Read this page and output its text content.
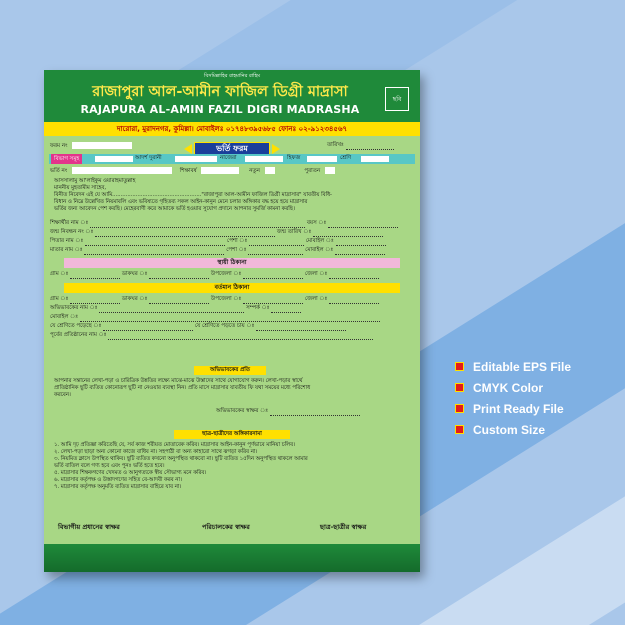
বিসমিল্লাহির রাহমানির রাহিম
রাজাপুরা আল-আমীন ফাজিল ডিগ্রী মাদ্রাসা
RAJAPURA AL-AMIN FAZIL DIGRI MADRASHA
ছবি
দারোরা, মুরাদনগর, কুমিল্লা। মোবাইলঃ ০১৭৪৮৩৯৫৬৮৫ ফোনঃ ০২-৯১২৩৪৫৬৭
ফরম নং	তারিখঃ
ভর্তি ফরম
বিভাগ সমূহ	আদর্শ দুরানী	নাজেরা	হিফজ	শ্রেণি
ভর্তি নং	শিক্ষাবর্ষ	নতুন	পুরাতন
আসসালামু আ'লাইকুম ওয়ারাহমাতুল্লাহ
মাননীয় মুহতামীম সাহেব,
বিনীত নিবেদন এই যে আমি....................................................."রাজাপুরা আল-আমীন ফাজিল ডিগ্রী মাদ্রাসার" যাবতীয় বিধি-
বিধান ও নিম্নে উল্লেখিত নিয়মাবলি এবং ভবিষ্যতে গৃহিতব্য সকল আইন-কানুন মেনে চলার অঙ্গিকার বদ্ধ হয়ে হয়ে মাদ্রাসার
ভর্তির জন্য আবেদন পেশ করছি। মেহেরবাণী করে আমাকে ভর্তি হওয়ার সুযোগ প্রদানে আপনার সুমর্জি কামনা করছি।
শিক্ষার্থীর নাম ঃ	বয়স ঃ
জন্ম নিবন্ধন নং ঃ	জন্ম তারিখ ঃ
পিতার নাম ঃ	পেশা ঃ	মোবাইল ঃ
মাতার নাম ঃ	পেশা ঃ	মোবাইল ঃ
স্থায়ী ঠিকানা
গ্রাম ঃ	ডাকঘর ঃ	উপজেলা ঃ	জেলা ঃ
বর্তমান ঠিকানা
গ্রাম ঃ	ডাকঘর ঃ	উপজেলা ঃ	জেলা ঃ
অভিভাবকের নাম ঃ	সম্পর্ক ঃ
মোবাইল ঃ
যে শ্রেণিতে পড়েছে ঃ	যে শ্রেণিতে পড়তে চায় ঃ
পূর্বের প্রতিষ্ঠানের নাম ঃ
অভিভাবকের প্রতি
আপনার সন্তানের লেখা-পড়া ও চারিত্রিক উন্নতির লক্ষ্যে মাঝে-মাঝে উস্তাদের সাথে যোগাযোগ করুন। লেখা-পড়ার স্বার্থে
প্রাতিষ্ঠানিক ছুটি ব্যতিত কোনোরূপ ছুটি না নেওয়ার ব্যবস্থা নিন। প্রতি মাসে মাদ্রাসার যাবতীয় ফি যথা সময়ের মধ্যে পরিশোধ
করবেন।
অভিভাবকের স্বাক্ষর ঃ
ছাত্র-ছাত্রীদের অঙ্গিকারনামা
১. আমি দৃঢ় প্রতিজ্ঞা করিতেছি যে, সর্ব কাজ শরীয়ত মোতাবেক করিব। মাদ্রাসার আইন-কানুন পূর্ণভাবে মানিয়া চলিব।
২. লেখা-পড়া ছাড়া অন্য কোনো কাজে বাধিব না। সহপাঠী বা অন্য কাহারো সাথে ঝগড়া করিব না।
৩. নিয়মিত ক্লাসে উপস্থিত থাকিব। ছুটি ব্যতিত কখনো অনুপস্থিত থাকবো না। ছুটি ব্যতিত ১৫দিন অনুপস্থিত থাকলে আমার
ভর্তি বাতিল বলে গণ্য হবে এবং পুনঃ ভর্তি হতে হবে।
৫. মাদ্রাসার শিক্ষকগণের খেদমত ও আনুগত্যকে স্বীয় সৌভাগ্য মনে করিব।
৬. মাদ্রাসার কর্তৃপক্ষ ও উস্তাদগণের সহিত বে-আদবী করব না।
৭. মাদ্রাসার কর্তৃপক্ষ অনুমতি ব্যতিত মাদ্রাসার বাহিরে যাব না।
বিভাগীয় প্রধানের স্বাক্ষর	পরিচালকের স্বাক্ষর	ছাত্র-ছাত্রীর স্বাক্ষর
Editable EPS File
CMYK Color
Print Ready File
Custom Size
